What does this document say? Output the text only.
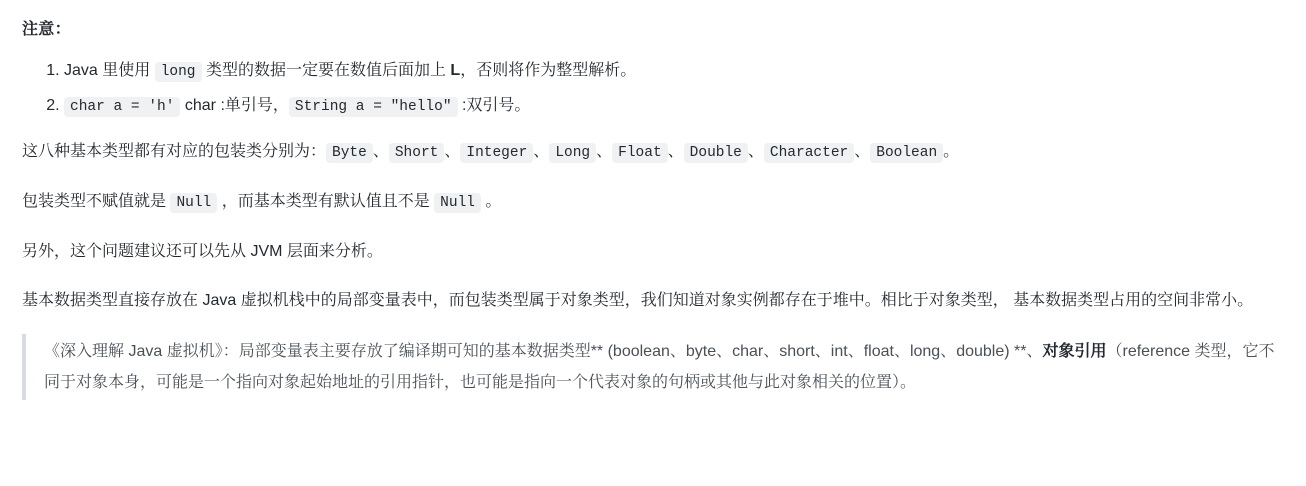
注意：

1. Java 里使用 long 类型的数据一定要在数值后面加上 L，否则将作为整型解析。
2. char a = 'h' char :单引号， String a = "hello" :双引号。

这八种基本类型都有对应的包装类分别为： Byte 、 Short 、 Integer 、 Long 、 Float 、 Double 、 Character 、 Boolean 。

包装类型不赋值就是 Null ，而基本类型有默认值且不是 Null 。

另外，这个问题建议还可以先从 JVM 层面来分析。

基本数据类型直接存放在 Java 虚拟机栈中的局部变量表中，而包装类型属于对象类型，我们知道对象实例都存在于堆中。相比于对象类型， 基本数据类型占用的空间非常小。

《深入理解 Java 虚拟机》：局部变量表主要存放了编译期可知的基本数据类型** (boolean、byte、char、short、int、float、long、double) **、对象引用（reference 类型，它不同于对象本身，可能是一个指向对象起始地址的引用指针，也可能是指向一个代表对象的句柄或其他与此对象相关的位置）。
